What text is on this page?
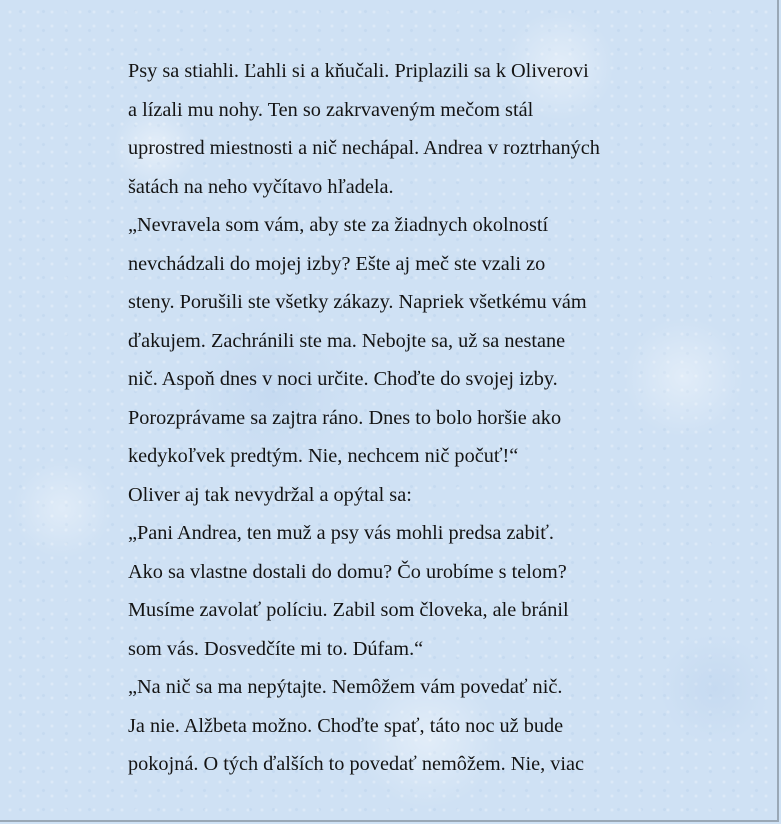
Psy sa stiahli. Ľahli si a kňučali. Priplazili sa k Oliverovi
a lízali mu nohy. Ten so zakrvaveným mečom stál
uprostred miestnosti a nič nechápal. Andrea v roztrhaných
šatách na neho vyčítavo hľadela.
„Nevravela som vám, aby ste za žiadnych okolností
nevchádzali do mojej izby? Ešte aj meč ste vzali zo
steny. Porušili ste všetky zákazy. Napriek všetkému vám
ďakujem. Zachránili ste ma. Nebojte sa, už sa nestane
nič. Aspoň dnes v noci určite. Choďte do svojej izby.
Porozprávame sa zajtra ráno. Dnes to bolo horšie ako
kedykoľvek predtým. Nie, nechcem nič počuť!“
Oliver aj tak nevydržal a opýtal sa:
„Pani Andrea, ten muž a psy vás mohli predsa zabiť.
Ako sa vlastne dostali do domu? Čo urobíme s telom?
Musíme zavolať políciu. Zabil som človeka, ale bránil
som vás. Dosvedčíte mi to. Dúfam.“
„Na nič sa ma nepýtajte. Nemôžem vám povedať nič.
Ja nie. Alžbeta možno. Choďte spať, táto noc už bude
pokojná. O tých ďalších to povedať nemôžem. Nie, viac
